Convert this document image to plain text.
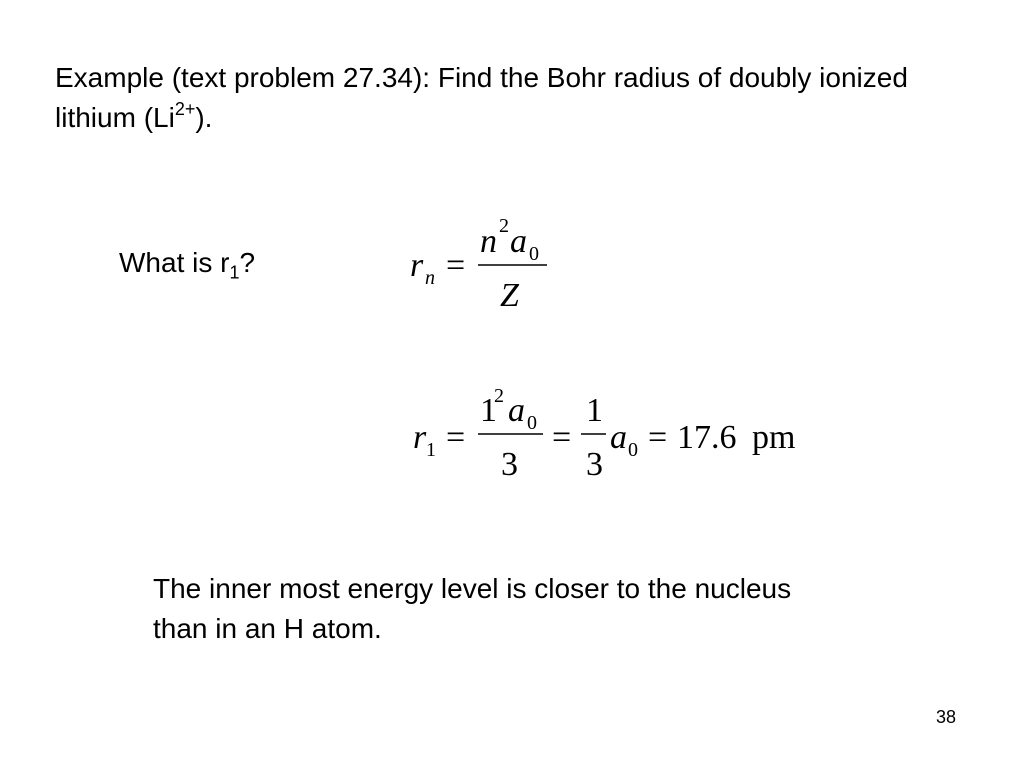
Example (text problem 27.34): Find the Bohr radius of doubly ionized lithium $(Li^{2+})$.
What is $r_1$?	r n =
n 2 a 0
Z
r 1 =
1
2 a 0
3
=
1
3
a 0 = 17.6 pm
The inner most energy level is closer to the nucleus than in an H atom.
38
